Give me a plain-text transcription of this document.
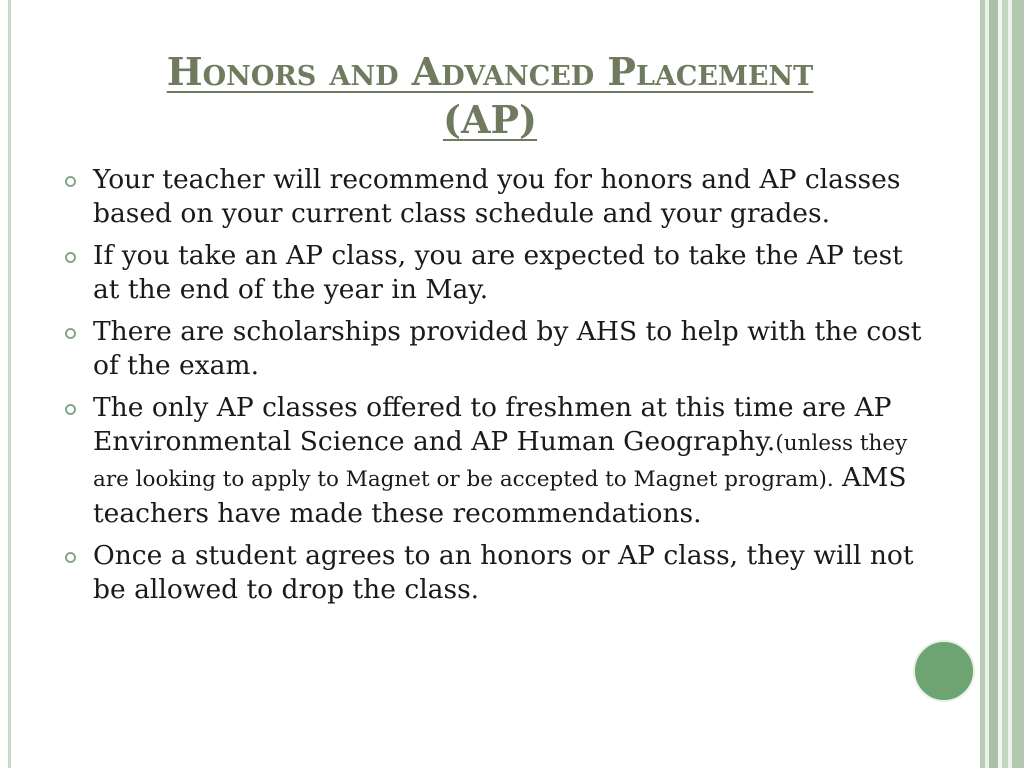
Honors and Advanced Placement
(AP)
Your teacher will recommend you for honors and AP classes based on your current class schedule and your grades.
If you take an AP class, you are expected to take the AP test at the end of the year in May.
There are scholarships provided by AHS to help with the cost of the exam.
The only AP classes offered to freshmen at this time are AP Environmental Science and AP Human Geography.(unless they are looking to apply to Magnet or be accepted to Magnet program). AMS teachers have made these recommendations.
Once a student agrees to an honors or AP class, they will not be allowed to drop the class.
